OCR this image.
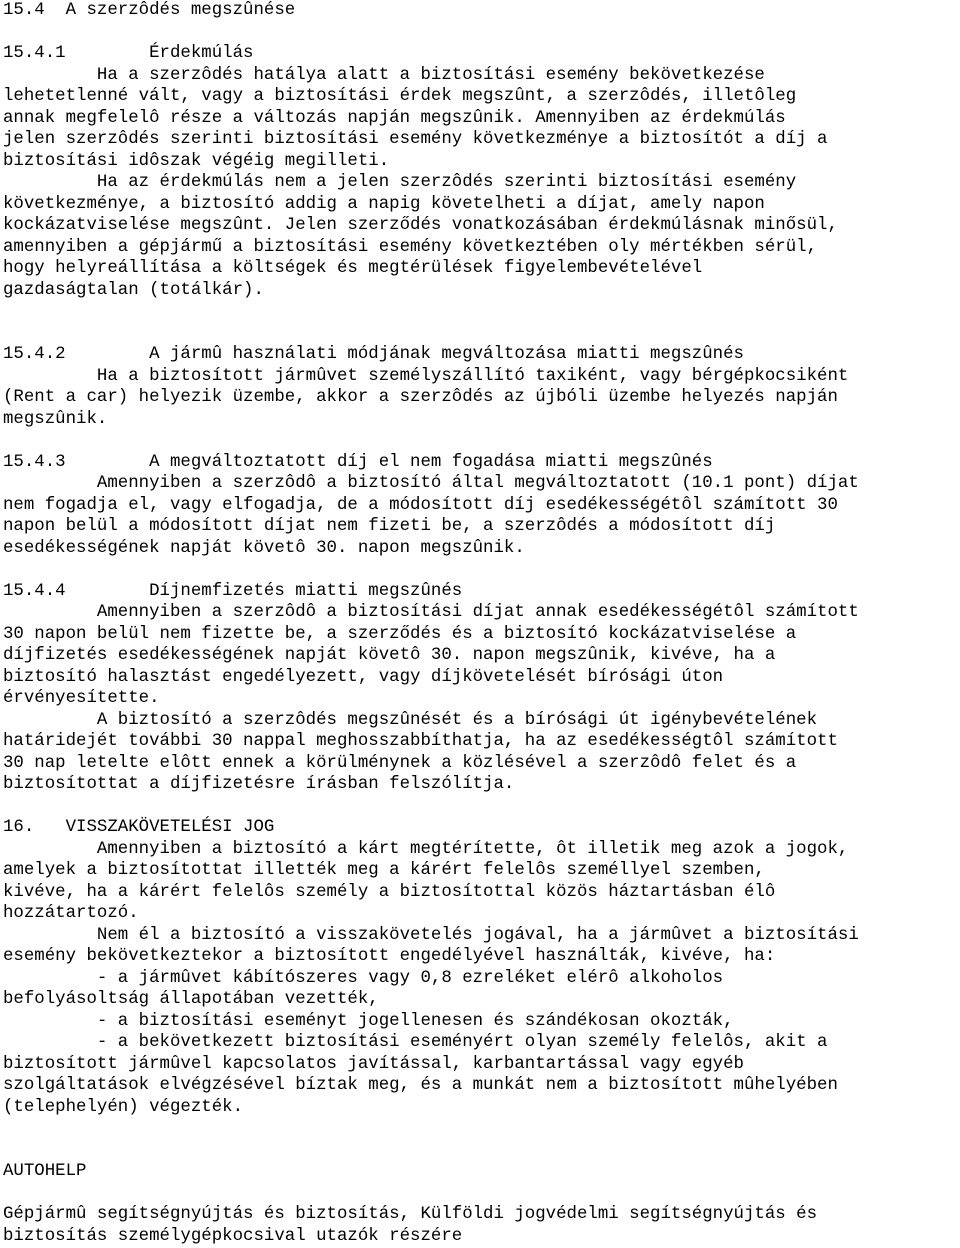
15.4  A szerzôdés megszûnése
15.4.1        Érdekmúlás
Ha a szerzôdés hatálya alatt a biztosítási esemény bekövetkezése
lehetetlenné vált, vagy a biztosítási érdek megszûnt, a szerzôdés, illetôleg
annak megfelelô része a változás napján megszûnik. Amennyiben az érdekmúlás
jelen szerzôdés szerinti biztosítási esemény következménye a biztosítót a díj a
biztosítási idôszak végéig megilleti.
Ha az érdekmúlás nem a jelen szerzôdés szerinti biztosítási esemény
következménye, a biztosító addig a napig követelheti a díjat, amely napon
kockázatviselése megszûnt. Jelen szerződés vonatkozásában érdekmúlásnak minősül,
amennyiben a gépjármű a biztosítási esemény következtében oly mértékben sérül,
hogy helyreállítása a költségek és megtérülések figyelembevételével
gazdaságtalan (totálkár).
15.4.2        A jármû használati módjának megváltozása miatti megszûnés
Ha a biztosított jármûvet személyszállító taxiként, vagy bérgépkocsiként
(Rent a car) helyezik üzembe, akkor a szerzôdés az újbóli üzembe helyezés napján
megszûnik.
15.4.3        A megváltoztatott díj el nem fogadása miatti megszûnés
Amennyiben a szerzôdô a biztosító által megváltoztatott (10.1 pont) díjat
nem fogadja el, vagy elfogadja, de a módosított díj esedékességétôl számított 30
napon belül a módosított díjat nem fizeti be, a szerzôdés a módosított díj
esedékességének napját követô 30. napon megszûnik.
15.4.4        Díjnemfizetés miatti megszûnés
Amennyiben a szerzôdô a biztosítási díjat annak esedékességétôl számított
30 napon belül nem fizette be, a szerződés és a biztosító kockázatviselése a
díjfizetés esedékességének napját követô 30. napon megszûnik, kivéve, ha a
biztosító halasztást engedélyezett, vagy díjkövetelését bírósági úton
érvényesítette.
A biztosító a szerzôdés megszûnését és a bírósági út igénybevételének
határidejét további 30 nappal meghosszabbíthatja, ha az esedékességtôl számított
30 nap letelte elôtt ennek a körülménynek a közlésével a szerzôdô felet és a
biztosítottat a díjfizetésre írásban felszólítja.
16.   VISSZAKÖVETELÉSI JOG
Amennyiben a biztosító a kárt megtérítette, ôt illetik meg azok a jogok,
amelyek a biztosítottat illették meg a kárért felelôs személlyel szemben,
kivéve, ha a kárért felelôs személy a biztosítottal közös háztartásban élô
hozzátartozó.
Nem él a biztosító a visszakövetelés jogával, ha a jármûvet a biztosítási
esemény bekövetkeztekor a biztosított engedélyével használták, kivéve, ha:
- a jármûvet kábítószeres vagy 0,8 ezreléket elérô alkoholos
befolyásoltság állapotában vezették,
- a biztosítási eseményt jogellenesen és szándékosan okozták,
- a bekövetkezett biztosítási eseményért olyan személy felelôs, akit a
biztosított jármûvel kapcsolatos javítással, karbantartással vagy egyéb
szolgáltatások elvégzésével bíztak meg, és a munkát nem a biztosított mûhelyében
(telephelyén) végezték.
AUTOHELP
Gépjármû segítségnyújtás és biztosítás, Külföldi jogvédelmi segítségnyújtás és
biztosítás személygépkocsival utazók részére
